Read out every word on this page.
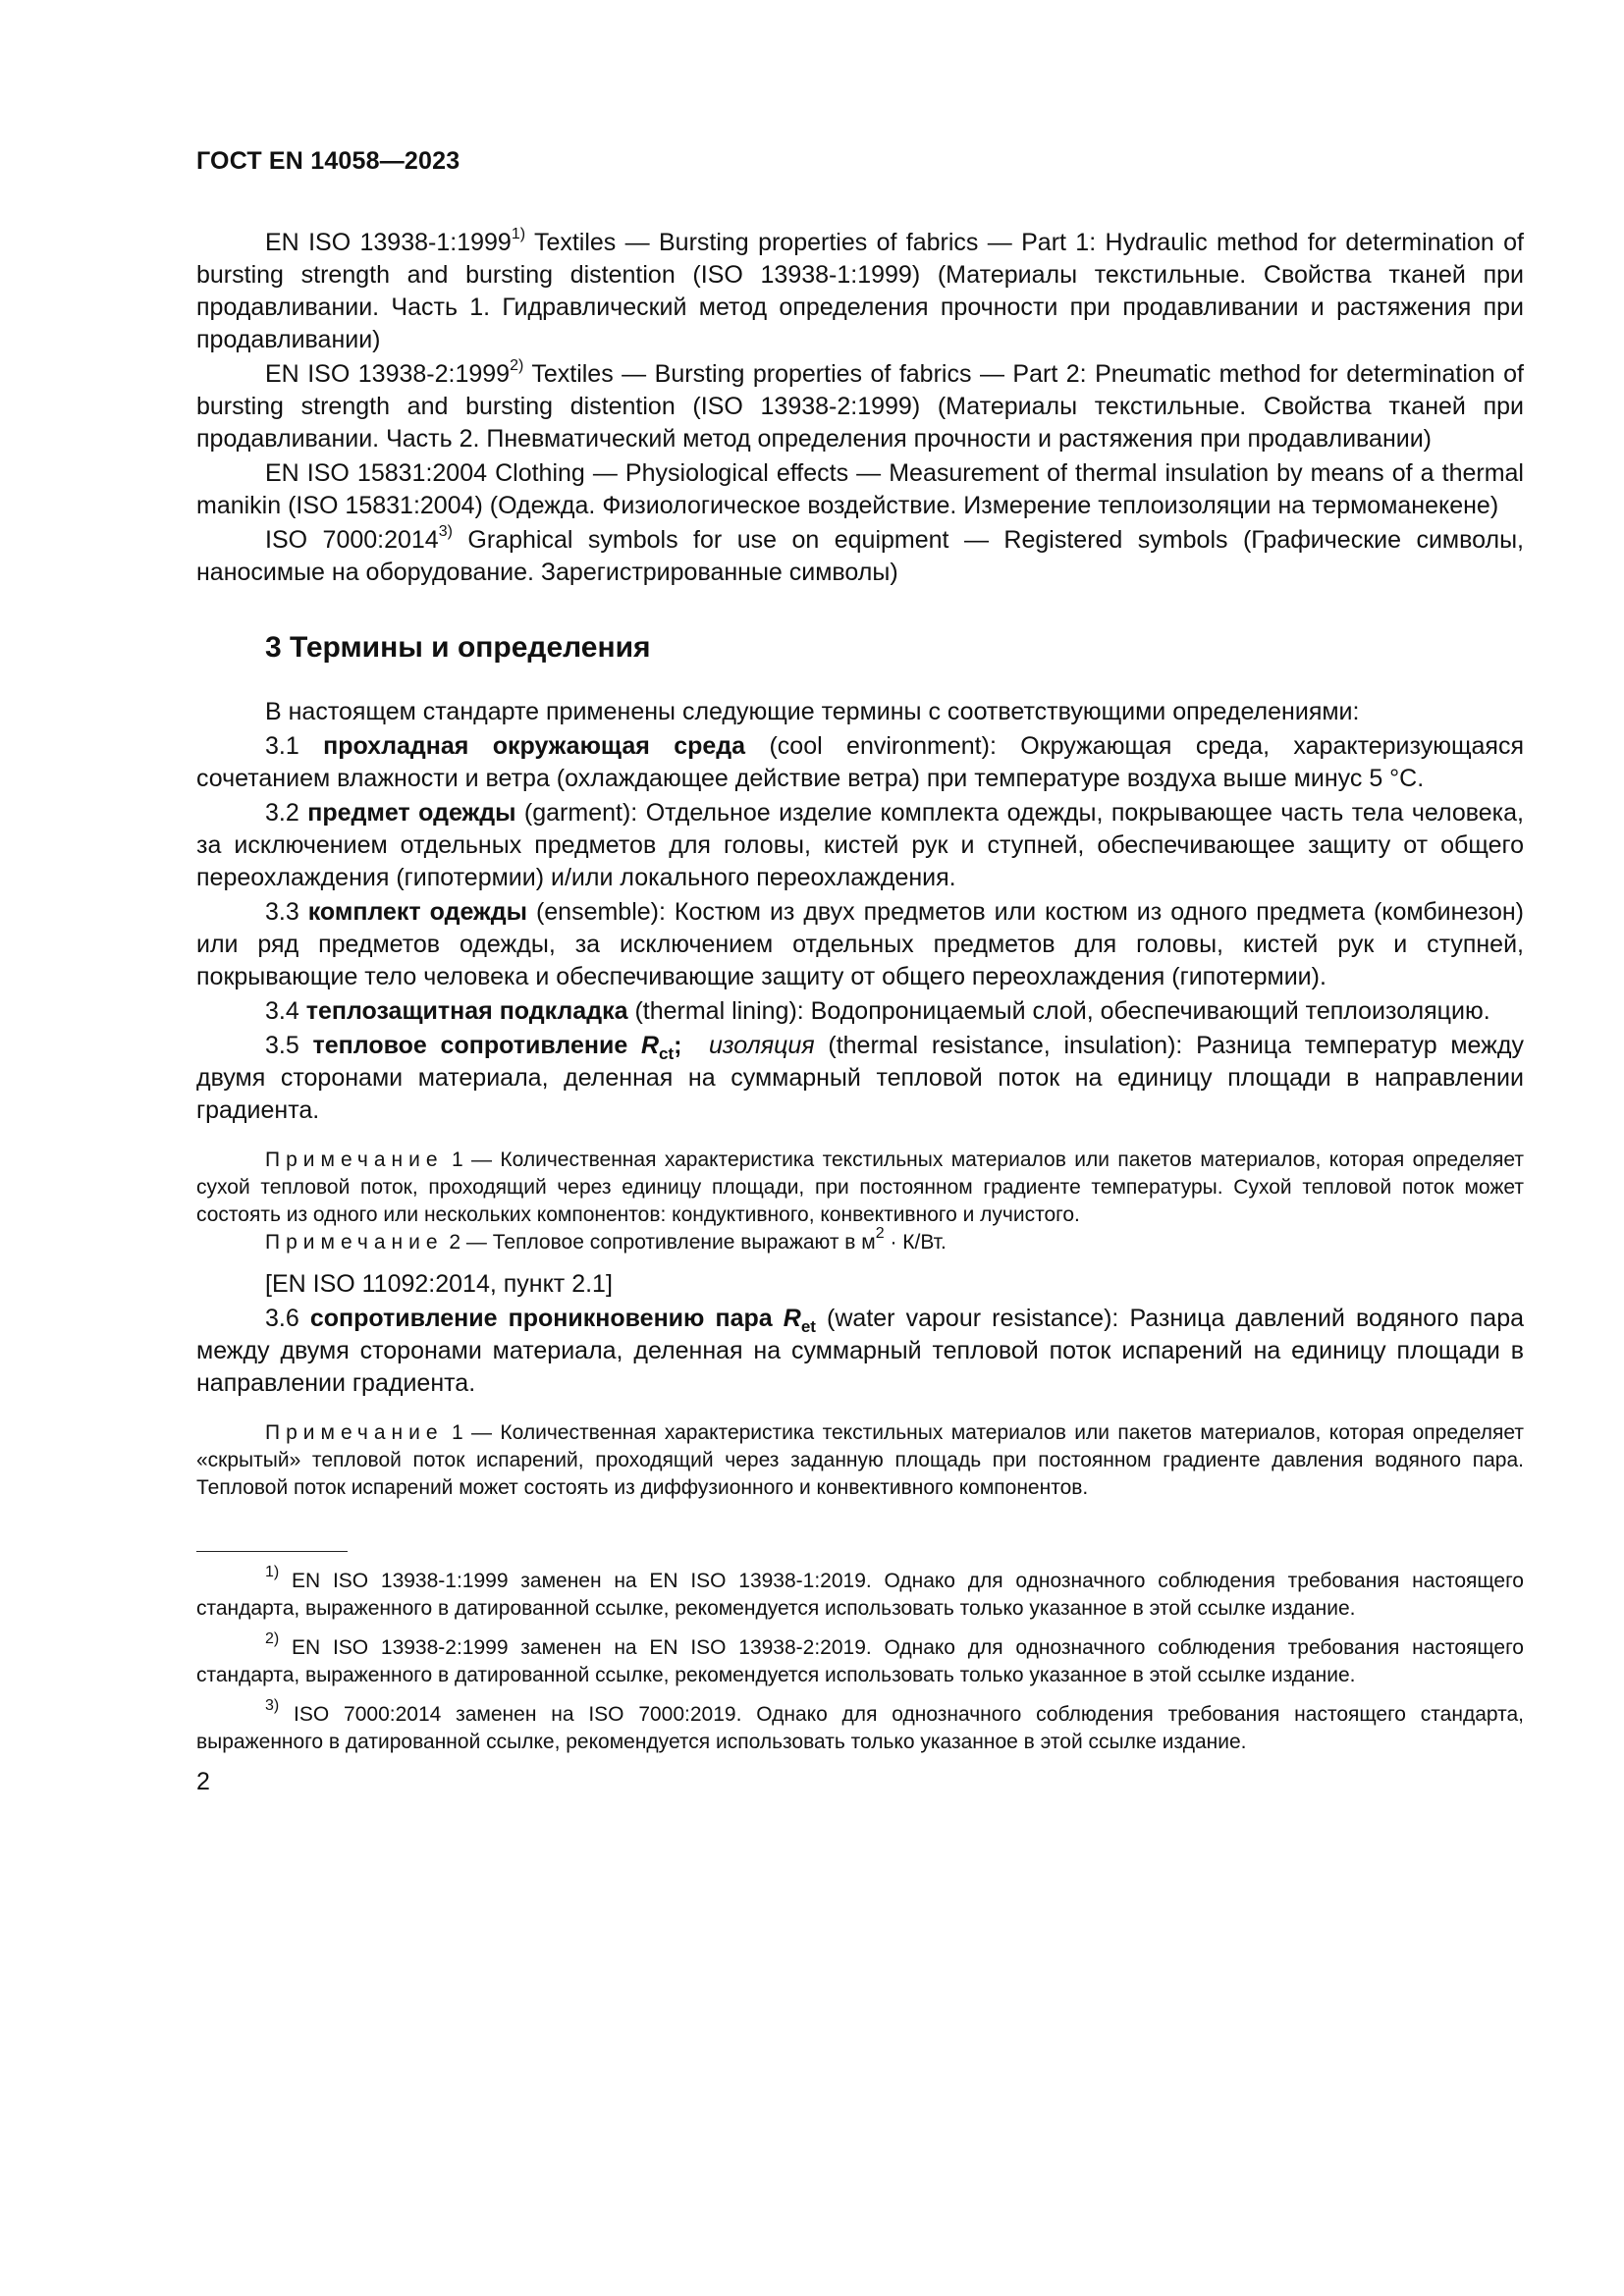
ГОСТ EN 14058—2023

EN ISO 13938-1:1999$^{1)}$ Textiles — Bursting properties of fabrics — Part 1: Hydraulic method for determination of bursting strength and bursting distention (ISO 13938-1:1999) (Материалы текстильные. Свойства тканей при продавливании. Часть 1. Гидравлический метод определения прочности при продавливании и растяжения при продавливании)

EN ISO 13938-2:1999$^{2)}$ Textiles — Bursting properties of fabrics — Part 2: Pneumatic method for determination of bursting strength and bursting distention (ISO 13938-2:1999) (Материалы текстильные. Свойства тканей при продавливании. Часть 2. Пневматический метод определения прочности и растяжения при продавливании)

EN ISO 15831:2004 Clothing — Physiological effects — Measurement of thermal insulation by means of a thermal manikin (ISO 15831:2004) (Одежда. Физиологическое воздействие. Измерение теплоизоляции на термоманекене)

ISO 7000:2014$^{3)}$ Graphical symbols for use on equipment — Registered symbols (Графические символы, наносимые на оборудование. Зарегистрированные символы)

3 Термины и определения

В настоящем стандарте применены следующие термины с соответствующими определениями:

3.1 прохладная окружающая среда (cool environment): Окружающая среда, характеризующаяся сочетанием влажности и ветра (охлаждающее действие ветра) при температуре воздуха выше минус 5 °С.

3.2 предмет одежды (garment): Отдельное изделие комплекта одежды, покрывающее часть тела человека, за исключением отдельных предметов для головы, кистей рук и ступней, обеспечивающее защиту от общего переохлаждения (гипотермии) и/или локального переохлаждения.

3.3 комплект одежды (ensemble): Костюм из двух предметов или костюм из одного предмета (комбинезон) или ряд предметов одежды, за исключением отдельных предметов для головы, кистей рук и ступней, покрывающие тело человека и обеспечивающие защиту от общего переохлаждения (гипотермии).

3.4 теплозащитная подкладка (thermal lining): Водопроницаемый слой, обеспечивающий теплоизоляцию.

3.5 тепловое сопротивление $R_{ct}$; изоляция (thermal resistance, insulation): Разница температур между двумя сторонами материала, деленная на суммарный тепловой поток на единицу площади в направлении градиента.

Примечание 1 — Количественная характеристика текстильных материалов или пакетов материалов, которая определяет сухой тепловой поток, проходящий через единицу площади, при постоянном градиенте температуры. Сухой тепловой поток может состоять из одного или нескольких компонентов: кондуктивного, конвективного и лучистого.

Примечание 2 — Тепловое сопротивление выражают в $м^2 \cdot К/Вт$.

[EN ISO 11092:2014, пункт 2.1]

3.6 сопротивление проникновению пара $R_{et}$ (water vapour resistance): Разница давлений водяного пара между двумя сторонами материала, деленная на суммарный тепловой поток испарений на единицу площади в направлении градиента.

Примечание 1 — Количественная характеристика текстильных материалов или пакетов материалов, которая определяет «скрытый» тепловой поток испарений, проходящий через заданную площадь при постоянном градиенте давления водяного пара. Тепловой поток испарений может состоять из диффузионного и конвективного компонентов.

$^{1)}$ EN ISO 13938-1:1999 заменен на EN ISO 13938-1:2019. Однако для однозначного соблюдения требования настоящего стандарта, выраженного в датированной ссылке, рекомендуется использовать только указанное в этой ссылке издание.

$^{2)}$ EN ISO 13938-2:1999 заменен на EN ISO 13938-2:2019. Однако для однозначного соблюдения требования настоящего стандарта, выраженного в датированной ссылке, рекомендуется использовать только указанное в этой ссылке издание.

$^{3)}$ ISO 7000:2014 заменен на ISO 7000:2019. Однако для однозначного соблюдения требования настоящего стандарта, выраженного в датированной ссылке, рекомендуется использовать только указанное в этой ссылке издание.

2
